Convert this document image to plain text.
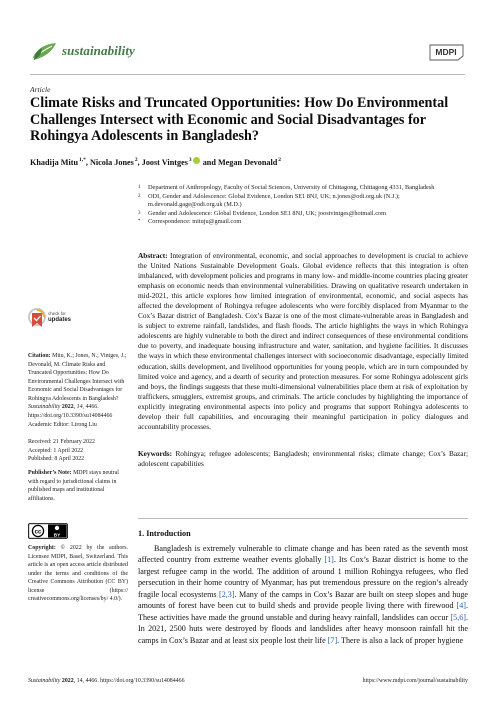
sustainability	MDPI
Article
Climate Risks and Truncated Opportunities: How Do Environmental Challenges Intersect with Economic and Social Disadvantages for Rohingya Adolescents in Bangladesh?
Khadija Mitu$^{1,*}$, Nicola Jones$^2$, Joost Vintges$^3$ and Megan Devonald$^2$
1	Department of Anthropology, Faculty of Social Sciences, University of Chittagong, Chittagong 4331, Bangladesh
2	ODI, Gender and Adolescence: Global Evidence, London SE1 8NJ, UK; n.jones@odi.org.uk (N.J.); m.devonald.gage@odi.org.uk (M.D.)
3	Gender and Adolescence: Global Evidence, London SE1 8NJ, UK; joostvintges@hotmail.com
*	Correspondence: mituju@gmail.com
Abstract: Integration of environmental, economic, and social approaches to development is crucial to achieve the United Nations Sustainable Development Goals. Global evidence reflects that this integration is often imbalanced, with development policies and programs in many low- and middle-income countries placing greater emphasis on economic needs than environmental vulnerabilities. Drawing on qualitative research undertaken in mid-2021, this article explores how limited integration of environmental, economic, and social aspects has affected the development of Rohingya refugee adolescents who were forcibly displaced from Myanmar to the Cox’s Bazar district of Bangladesh. Cox’s Bazar is one of the most climate-vulnerable areas in Bangladesh and is subject to extreme rainfall, landslides, and flash floods. The article highlights the ways in which Rohingya adolescents are highly vulnerable to both the direct and indirect consequences of these environmental conditions due to poverty, and inadequate housing infrastructure and water, sanitation, and hygiene facilities. It discusses the ways in which these environmental challenges intersect with socioeconomic disadvantage, especially limited education, skills development, and livelihood opportunities for young people, which are in turn compounded by limited voice and agency, and a dearth of security and protection measures. For some Rohingya adolescent girls and boys, the findings suggests that these multi-dimensional vulnerabilities place them at risk of exploitation by traffickers, smugglers, extremist groups, and criminals. The article concludes by highlighting the importance of explicitly integrating environmental aspects into policy and programs that support Rohingya adolescents to develop their full capabilities, and encouraging their meaningful participation in policy dialogues and accountability processes.
Keywords: Rohingya; refugee adolescents; Bangladesh; environmental risks; climate change; Cox’s Bazar; adolescent capabilities
check for
updates
Citation: Mitu, K.; Jones, N.; Vintges, J.; Devonald, M. Climate Risks and Truncated Opportunities: How Do Environmental Challenges Intersect with Economic and Social Disadvantages for Rohingya Adolescents in Bangladesh? Sustainability 2022, 14, 4466. https://doi.org/10.3390/su14084466
Academic Editor: Lirong Liu
Received: 21 February 2022
Accepted: 1 April 2022
Published: 8 April 2022
Publisher’s Note: MDPI stays neutral with regard to jurisdictional claims in published maps and institutional affiliations.
cc
BY
Copyright: © 2022 by the authors. Licensee MDPI, Basel, Switzerland. This article is an open access article distributed under the terms and conditions of the Creative Commons Attribution (CC BY) license (https:// creativecommons.org/licenses/by/ 4.0/).
1. Introduction
Bangladesh is extremely vulnerable to climate change and has been rated as the seventh most affected country from extreme weather events globally [1]. Its Cox’s Bazar district is home to the largest refugee camp in the world. The addition of around 1 million Rohingya refugees, who fled persecution in their home country of Myanmar, has put tremendous pressure on the region’s already fragile local ecosystems [2,3]. Many of the camps in Cox’s Bazar are built on steep slopes and huge amounts of forest have been cut to build sheds and provide people living there with firewood [4]. These activities have made the ground unstable and during heavy rainfall, landslides can occur [5,6]. In 2021, 2500 huts were destroyed by floods and landslides after heavy monsoon rainfall hit the camps in Cox’s Bazar and at least six people lost their life [7]. There is also a lack of proper hygiene
Sustainability 2022, 14, 4466. https://doi.org/10.3390/su14084466	https://www.mdpi.com/journal/sustainability
